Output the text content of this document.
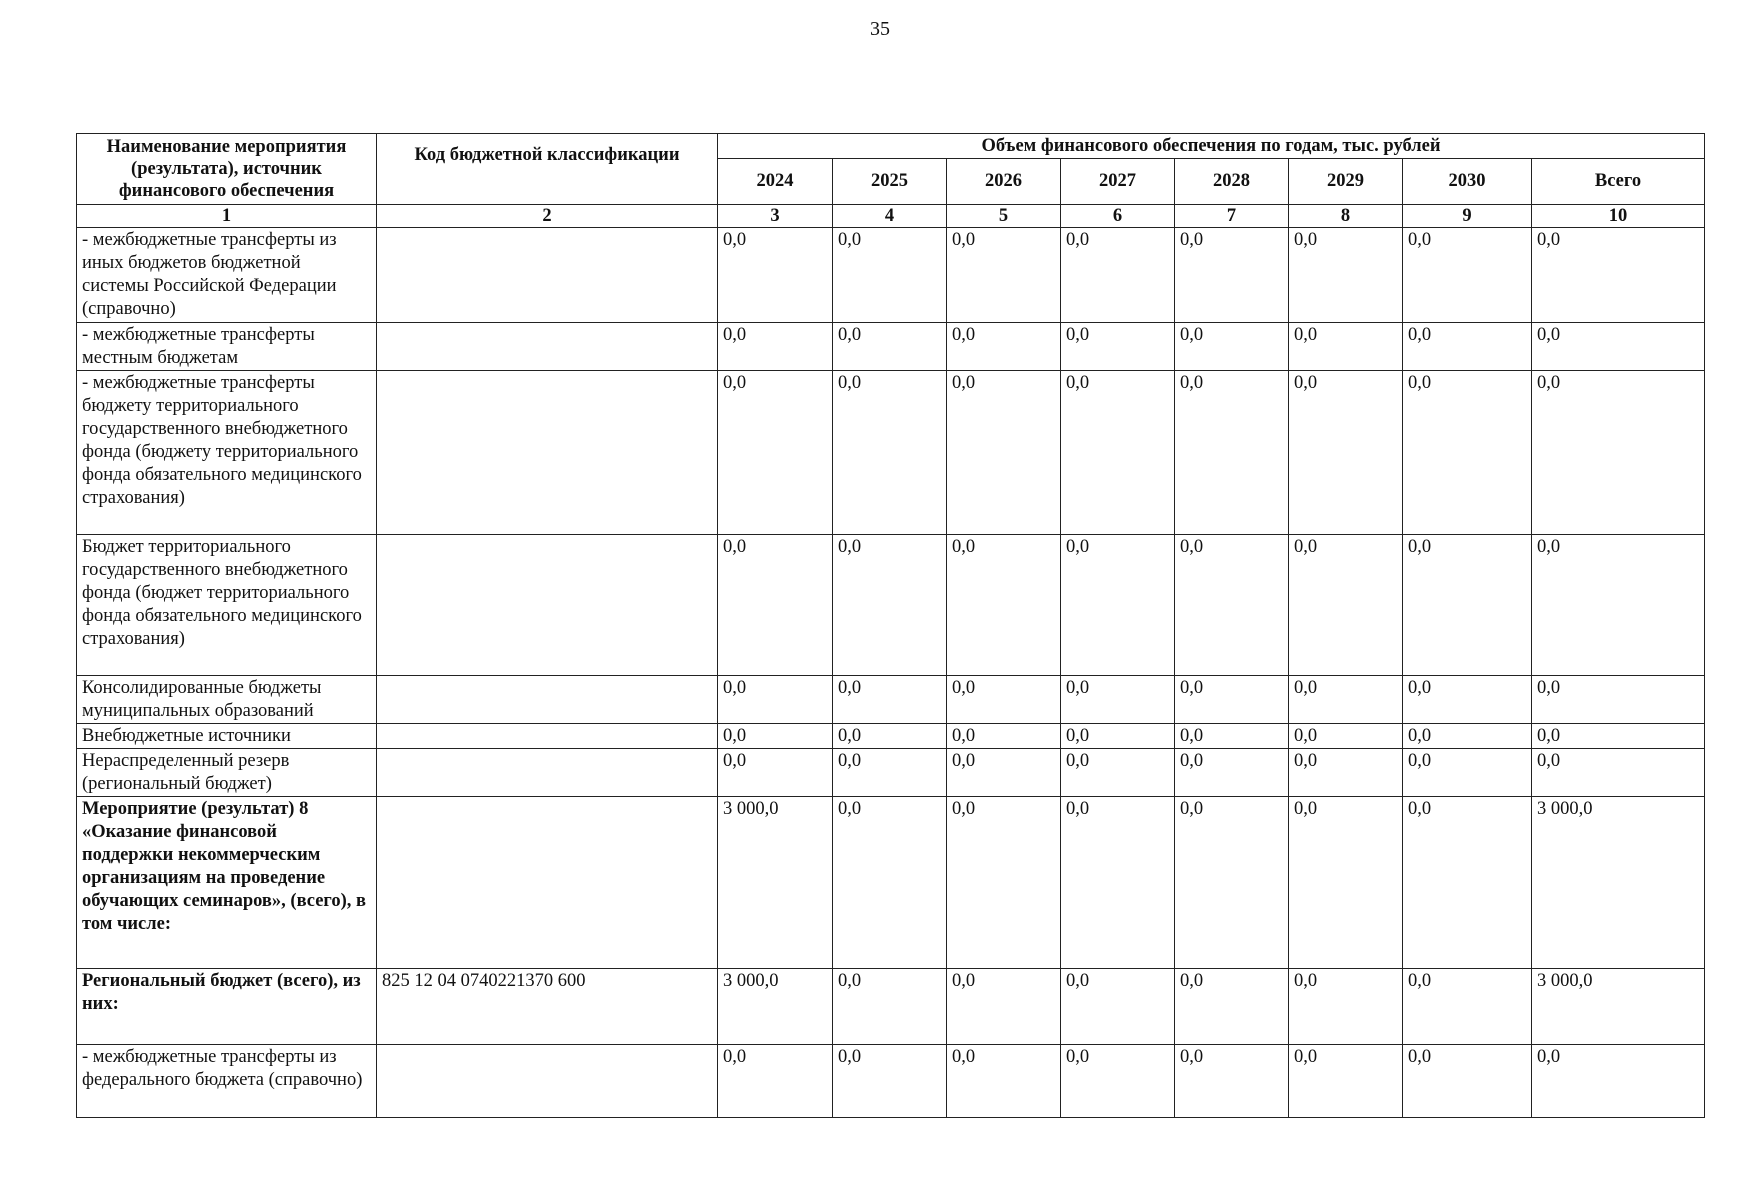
35
Наименование мероприятия (результата), источник финансового обеспечения	Код бюджетной классификации	Объем финансового обеспечения по годам, тыс. рублей							
		2024	2025	2026	2027	2028	2029	2030	Всего
1	2	3	4	5	6	7	8	9	10
- межбюджетные трансферты из иных бюджетов бюджетной системы Российской Федерации (справочно)		0,0	0,0	0,0	0,0	0,0	0,0	0,0	0,0
- межбюджетные трансферты местным бюджетам		0,0	0,0	0,0	0,0	0,0	0,0	0,0	0,0
- межбюджетные трансферты бюджету территориального государственного внебюджетного фонда (бюджету территориального фонда обязательного медицинского страхования)		0,0	0,0	0,0	0,0	0,0	0,0	0,0	0,0
Бюджет территориального государственного внебюджетного фонда (бюджет территориального фонда обязательного медицинского страхования)		0,0	0,0	0,0	0,0	0,0	0,0	0,0	0,0
Консолидированные бюджеты муниципальных образований		0,0	0,0	0,0	0,0	0,0	0,0	0,0	0,0
Внебюджетные источники		0,0	0,0	0,0	0,0	0,0	0,0	0,0	0,0
Нераспределенный резерв (региональный бюджет)		0,0	0,0	0,0	0,0	0,0	0,0	0,0	0,0
Мероприятие (результат) 8 «Оказание финансовой поддержки некоммерческим организациям на проведение обучающих семинаров», (всего), в том числе:		3 000,0	0,0	0,0	0,0	0,0	0,0	0,0	3 000,0
Региональный бюджет (всего), из них:	825 12 04 0740221370 600	3 000,0	0,0	0,0	0,0	0,0	0,0	0,0	3 000,0
- межбюджетные трансферты из федерального бюджета (справочно)		0,0	0,0	0,0	0,0	0,0	0,0	0,0	0,0
